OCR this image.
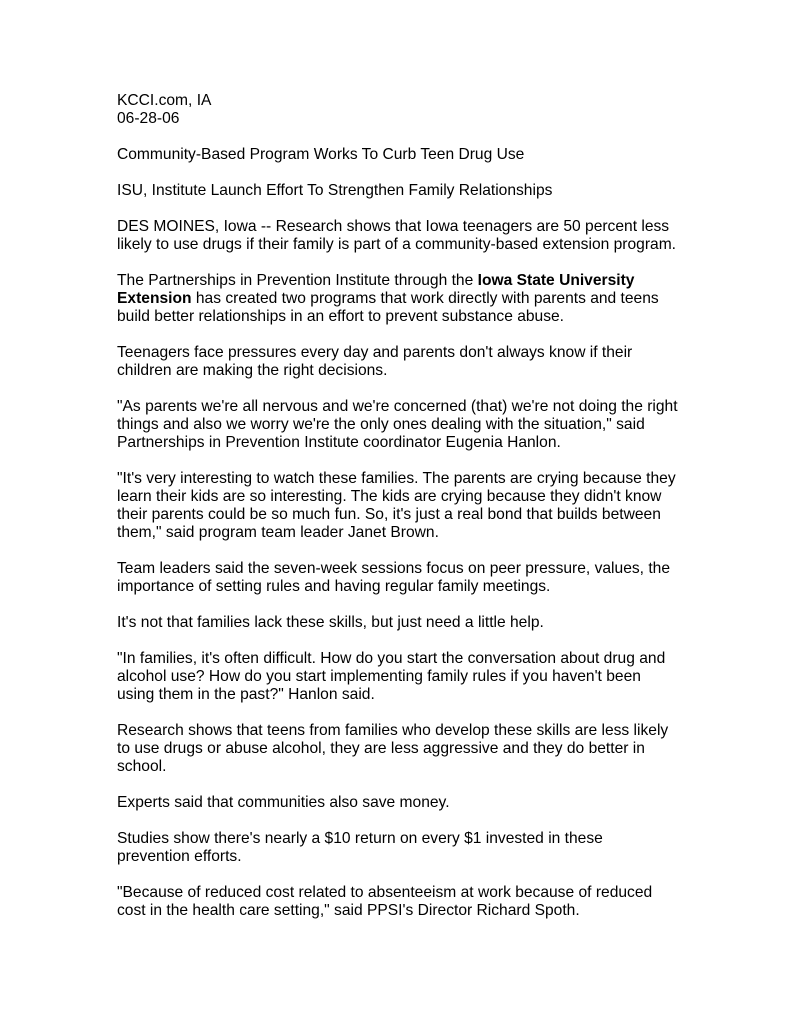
KCCI.com, IA
06-28-06

Community-Based Program Works To Curb Teen Drug Use

ISU, Institute Launch Effort To Strengthen Family Relationships

DES MOINES, Iowa -- Research shows that Iowa teenagers are 50 percent less
likely to use drugs if their family is part of a community-based extension program.

The Partnerships in Prevention Institute through the Iowa State University
Extension has created two programs that work directly with parents and teens
build better relationships in an effort to prevent substance abuse.

Teenagers face pressures every day and parents don't always know if their
children are making the right decisions.

"As parents we're all nervous and we're concerned (that) we're not doing the right
things and also we worry we're the only ones dealing with the situation," said
Partnerships in Prevention Institute coordinator Eugenia Hanlon.

"It's very interesting to watch these families. The parents are crying because they
learn their kids are so interesting. The kids are crying because they didn't know
their parents could be so much fun. So, it's just a real bond that builds between
them," said program team leader Janet Brown.

Team leaders said the seven-week sessions focus on peer pressure, values, the
importance of setting rules and having regular family meetings.

It's not that families lack these skills, but just need a little help.

"In families, it's often difficult. How do you start the conversation about drug and
alcohol use? How do you start implementing family rules if you haven't been
using them in the past?" Hanlon said.

Research shows that teens from families who develop these skills are less likely
to use drugs or abuse alcohol, they are less aggressive and they do better in
school.

Experts said that communities also save money.

Studies show there's nearly a $10 return on every $1 invested in these
prevention efforts.

"Because of reduced cost related to absenteeism at work because of reduced
cost in the health care setting," said PPSI's Director Richard Spoth.
